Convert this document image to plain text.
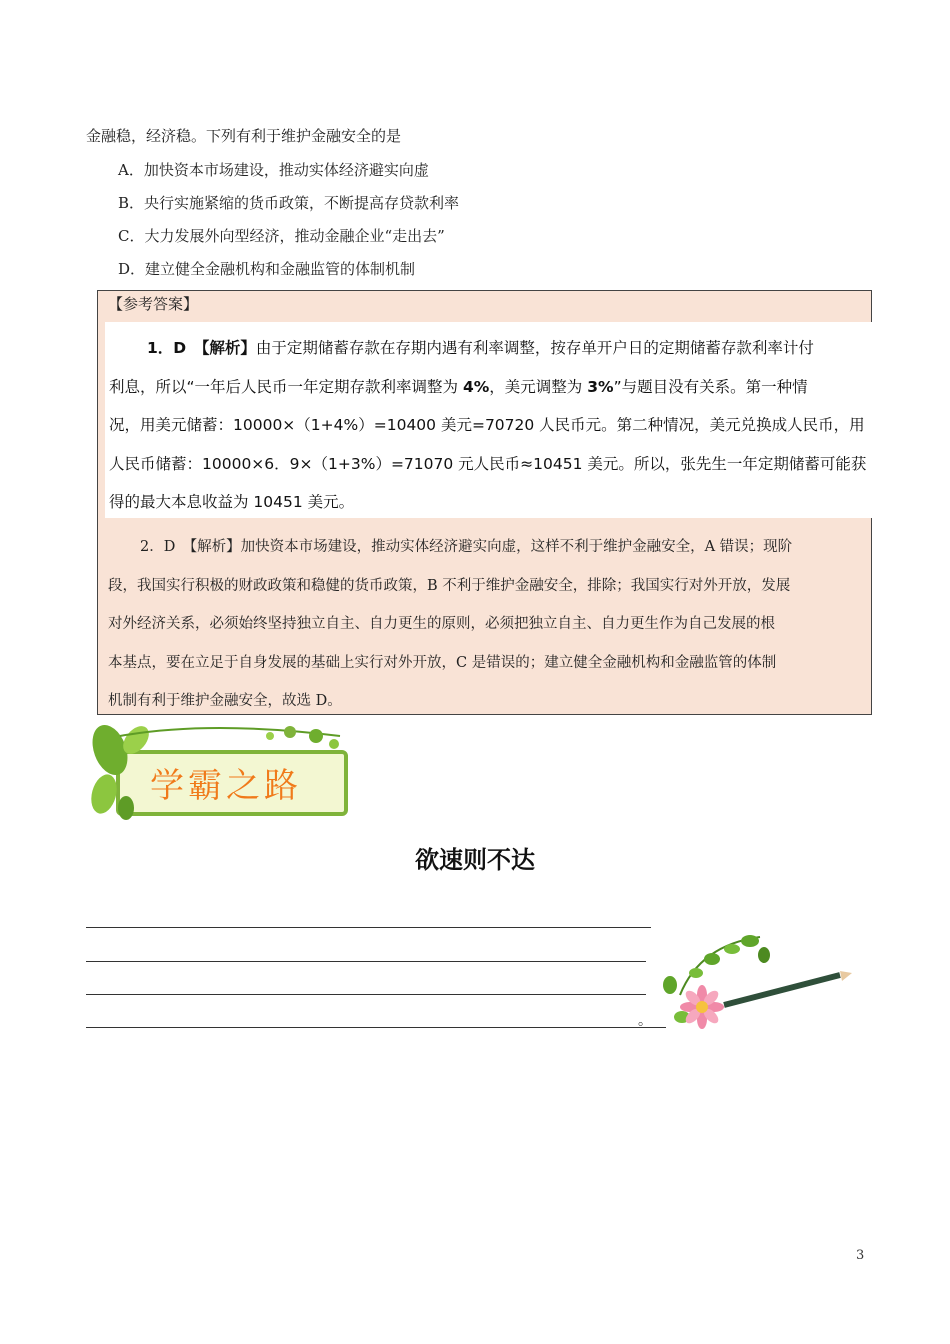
金融稳，经济稳。下列有利于维护金融安全的是
A．加快资本市场建设，推动实体经济避实向虚
B．央行实施紧缩的货币政策，不断提高存贷款利率
C．大力发展外向型经济，推动金融企业“走出去”
D．建立健全金融机构和金融监管的体制机制
【参考答案】
1．D　【解析】由于定期储蓄存款在存期内遇有利率调整，按存单开户日的定期储蓄存款利率计付
利息，所以“一年后人民币一年定期存款利率调整为 4%，美元调整为 3%”与题目没有关系。第一种情
况，用美元储蓄：10000×（1+4%）=10400 美元=70720 人民币元。第二种情况，美元兑换成人民币，用
人民币储蓄：10000×6．9×（1+3%）=71070 元人民币≈10451 美元。所以，张先生一年定期储蓄可能获
得的最大本息收益为 10451 美元。
2．D　【解析】加快资本市场建设，推动实体经济避实向虚，这样不利于维护金融安全，A 错误；现阶
段，我国实行积极的财政政策和稳健的货币政策，B 不利于维护金融安全，排除；我国实行对外开放，发展
对外经济关系，必须始终坚持独立自主、自力更生的原则，必须把独立自主、自力更生作为自己发展的根
本基点，要在立足于自身发展的基础上实行对外开放，C 是错误的；建立健全金融机构和金融监管的体制
机制有利于维护金融安全，故选 D。
学霸之路
欲速则不达
。
3
